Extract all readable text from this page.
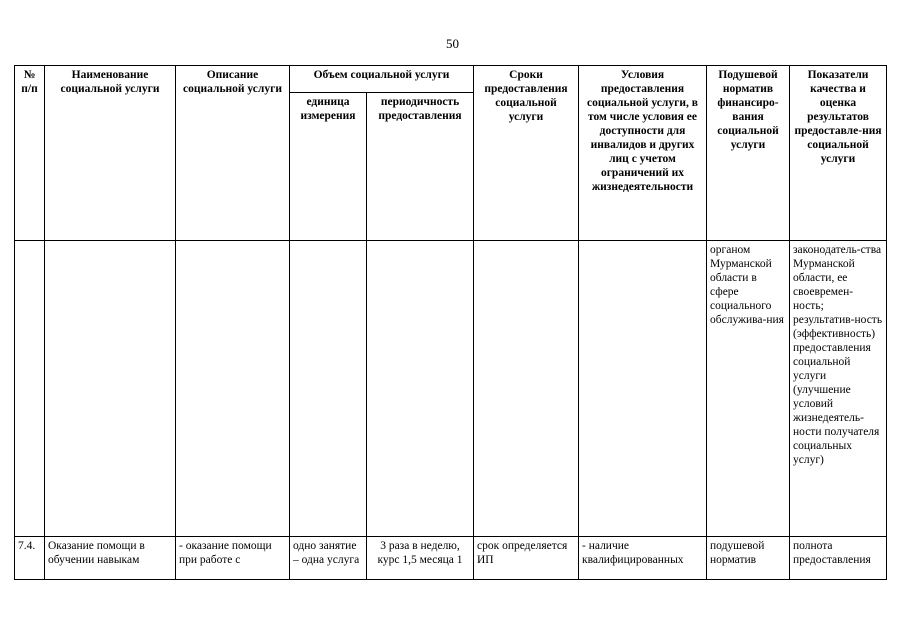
50
№ п/п	Наименование социальной услуги	Описание социальной услуги	Объем социальной услуги		Сроки предоставления социальной услуги	Условия предоставления социальной услуги, в том числе условия ее доступности для инвалидов и других лиц с учетом ограничений их жизнедеятельности	Подушевой норматив финансиро-вания социальной услуги	Показатели качества и оценка результатов предоставле-ния социальной услуги
			единица измерения	периодичность предоставления				
							органом Мурманской области в сфере социального обслужива-ния	законодатель-ства Мурманской области, ее своевремен-ность; результатив-ность (эффективность) предоставления социальной услуги (улучшение условий жизнедеятель-ности получателя социальных услуг)
7.4.	Оказание помощи в обучении навыкам	- оказание помощи при работе с	одно занятие – одна услуга	3 раза в неделю, курс 1,5 месяца 1	срок определяется ИП	- наличие квалифицированных	подушевой норматив	полнота предоставления
